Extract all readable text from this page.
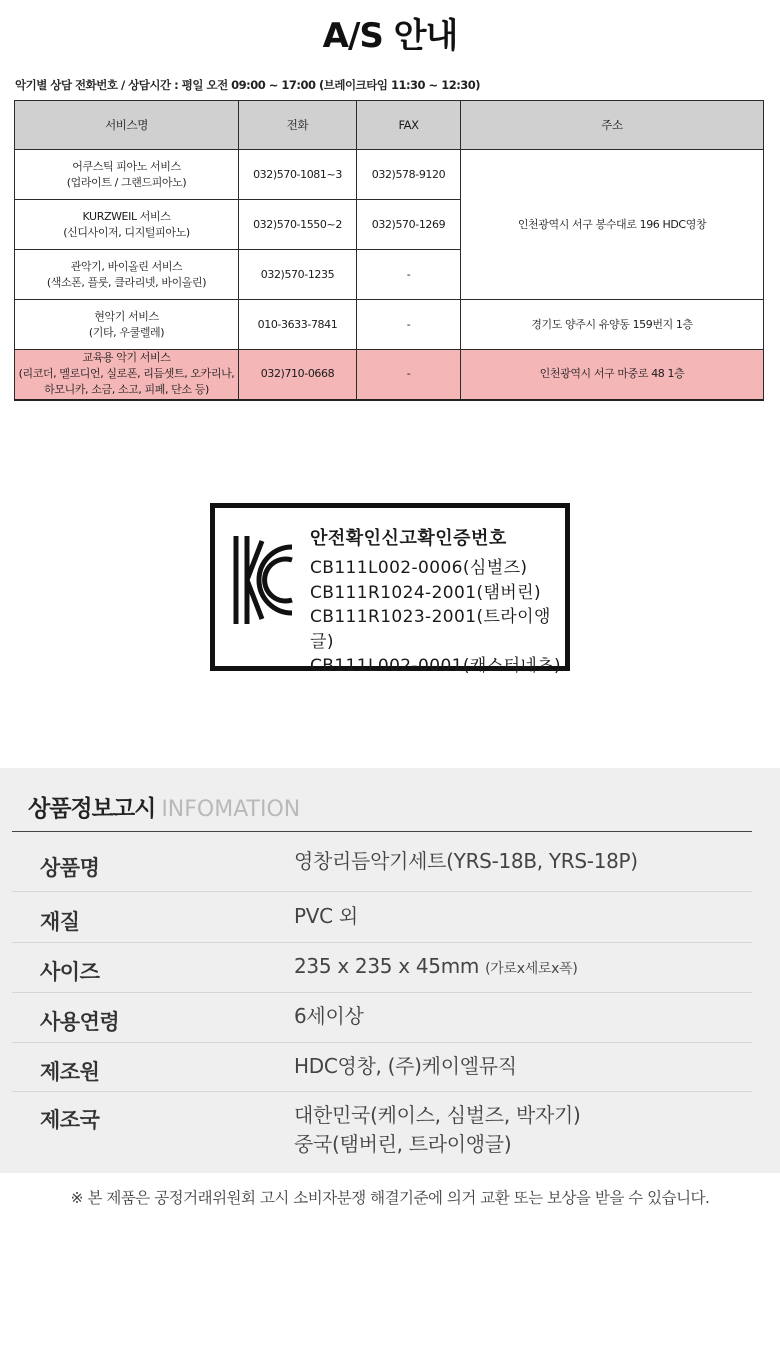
A/S 안내
악기별 상담 전화번호 / 상담시간 : 평일 오전 09:00 ~ 17:00 (브레이크타임 11:30 ~ 12:30)
서비스명	전화	FAX	주소
어쿠스틱 피아노 서비스
(업라이트 / 그랜드피아노)	032)570-1081~3	032)578-9120	인천광역시 서구 봉수대로 196 HDC영창
KURZWEIL 서비스
(신디사이저, 디지털피아노)	032)570-1550~2	032)570-1269	
관악기, 바이올린 서비스
(색소폰, 플룻, 클라리넷, 바이올린)	032)570-1235	-	
현악기 서비스
(기타, 우쿨렐레)	010-3633-7841	-	경기도 양주시 유양동 159번지 1층
교육용 악기 서비스
(리코더, 멜로디언, 실로폰, 리듬셋트, 오카리나,
하모니카, 소금, 소고, 피페, 단소 등)	032)710-0668	-	인천광역시 서구 마중로 48 1층
안전확인신고확인증번호
CB111L002-0006(심벌즈)
CB111R1024-2001(탬버린)
CB111R1023-2001(트라이앵글)
CB111L002-0001(캐스터네츠)
상품정보고시 INFOMATION
상품명	영창리듬악기세트(YRS-18B, YRS-18P)
재질	PVC 외
사이즈	235 x 235 x 45mm (가로x세로x폭)
사용연령	6세이상
제조원	HDC영창, (주)케이엘뮤직
제조국	대한민국(케이스, 심벌즈, 박자기)
중국(탬버린, 트라이앵글)
※ 본 제품은 공정거래위원회 고시 소비자분쟁 해결기준에 의거 교환 또는 보상을 받을 수 있습니다.
